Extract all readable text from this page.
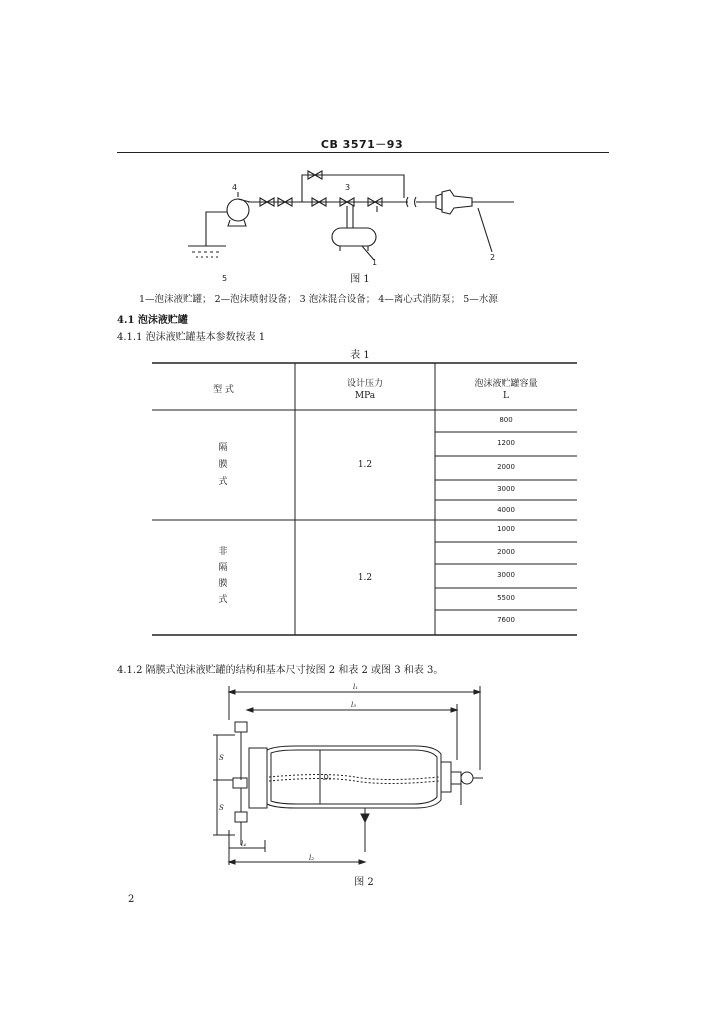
CB 3571－93
1
2
3
4
5	图 1
1—泡沫液贮罐； 2—泡沫喷射设备； 3 泡沫混合设备； 4—离心式消防泵； 5—水源
4.1 泡沫液贮罐
4.1.1 泡沫液贮罐基本参数按表 1
表 1
型 式
设计压力
MPa
泡沫液贮罐容量
L
隔
膜
式
1.2
800
1200
2000
3000
4000
非
隔
膜
式
1.2
1000
2000
3000
5500
7600
4.1.2 隔膜式泡沫液贮罐的结构和基本尺寸按图 2 和表 2 或图 3 和表 3。
l₁
l₃
D₁
S
S
l₄
l₂
图 2
2
